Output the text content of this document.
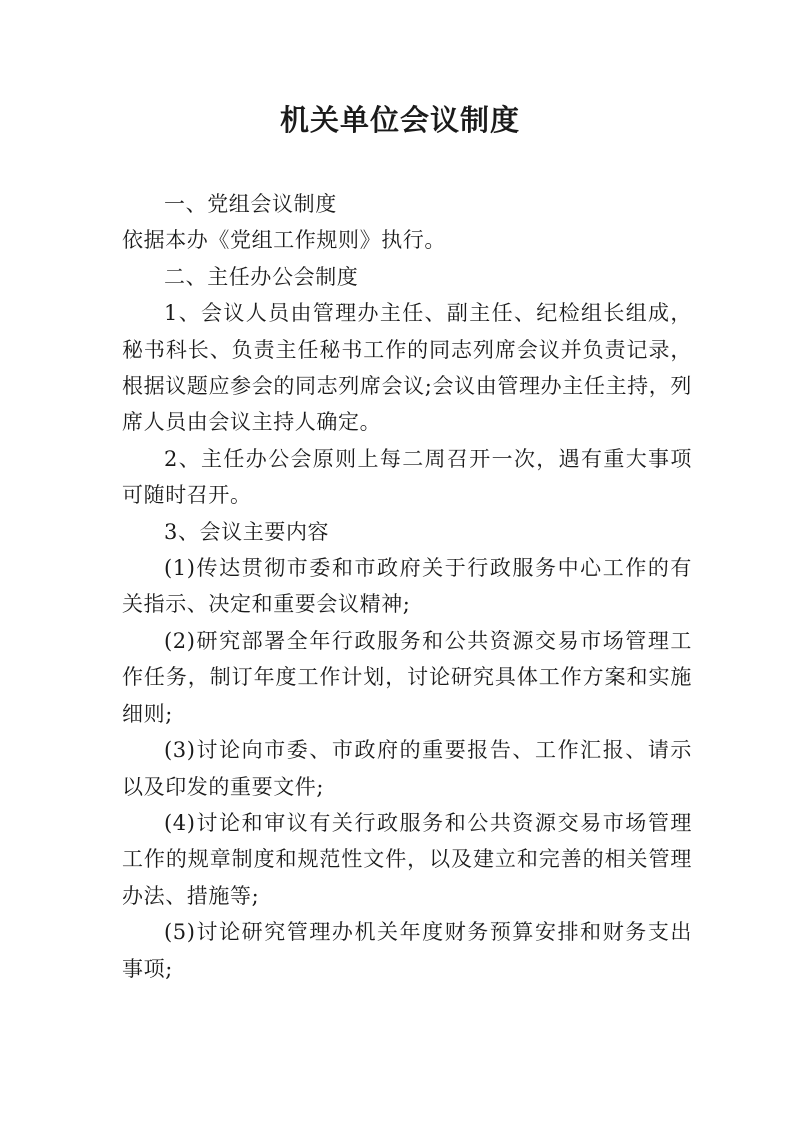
机关单位会议制度

一、党组会议制度

依据本办《党组工作规则》执行。

二、主任办公会制度

1、会议人员由管理办主任、副主任、纪检组长组成，秘书科长、负责主任秘书工作的同志列席会议并负责记录，根据议题应参会的同志列席会议;会议由管理办主任主持，列席人员由会议主持人确定。

2、主任办公会原则上每二周召开一次，遇有重大事项可随时召开。

3、会议主要内容

(1)传达贯彻市委和市政府关于行政服务中心工作的有关指示、决定和重要会议精神;

(2)研究部署全年行政服务和公共资源交易市场管理工作任务，制订年度工作计划，讨论研究具体工作方案和实施细则;

(3)讨论向市委、市政府的重要报告、工作汇报、请示以及印发的重要文件;

(4)讨论和审议有关行政服务和公共资源交易市场管理工作的规章制度和规范性文件，以及建立和完善的相关管理办法、措施等;

(5)讨论研究管理办机关年度财务预算安排和财务支出事项;
